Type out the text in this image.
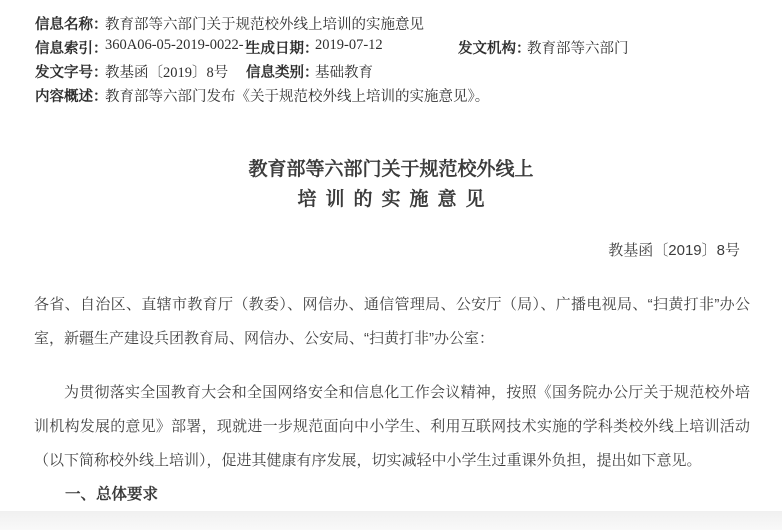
信息名称：
教育部等六部门关于规范校外线上培训的实施意见
信息索引：
360A06-05-2019-0022-1
生成日期：
2019-07-12	发文机构：
教育部等六部门
发文字号：
教基函〔2019〕8号 信息类别：
基础教育
内容概述：
教育部等六部门发布《关于规范校外线上培训的实施意见》。
教育部等六部门关于规范校外线上
培训的实施意见
教基函〔2019〕8号

各省、自治区、直辖市教育厅（教委）、网信办、通信管理局、公安厅（局）、广播电视局、“扫黄打非”办公室，新疆生产建设兵团教育局、网信办、公安局、“扫黄打非”办公室：

为贯彻落实全国教育大会和全国网络安全和信息化工作会议精神，按照《国务院办公厅关于规范校外培训机构发展的意见》部署，现就进一步规范面向中小学生、利用互联网技术实施的学科类校外线上培训活动（以下简称校外线上培训），促进其健康有序发展，切实减轻中小学生过重课外负担，提出如下意见。

一、总体要求
